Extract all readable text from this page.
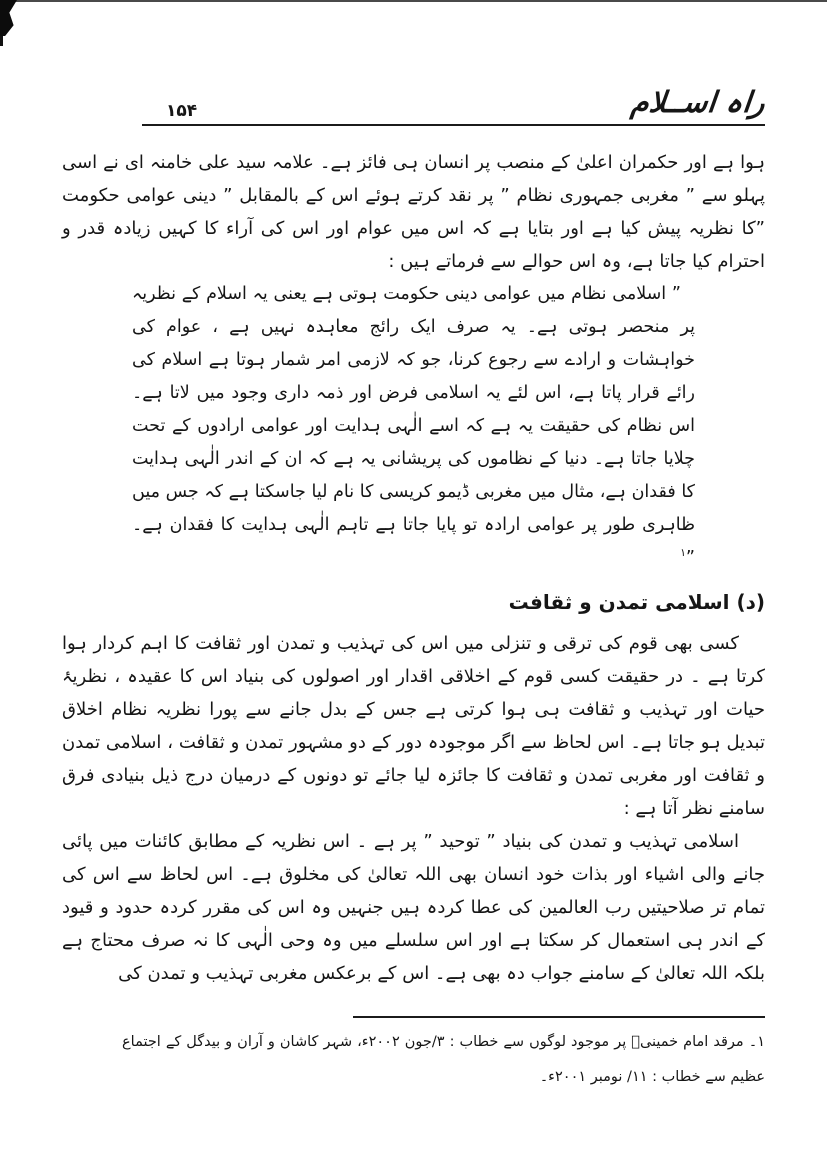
۱۵۴	راہ اســلام

ہوا ہے اور حکمران اعلیٰ کے منصب پر انسان ہی فائز ہے۔ علامہ سید علی خامنہ ای نے اسی پہلو سے ” مغربی جمہوری نظام ” پر نقد کرتے ہوئے اس کے بالمقابل ” دینی عوامی حکومت ”کا نظریہ پیش کیا ہے اور بتایا ہے کہ اس میں عوام اور اس کی آراء کا کہیں زیادہ قدر و احترام کیا جاتا ہے، وہ اس حوالے سے فرماتے ہیں :

” اسلامی نظام میں عوامی دینی حکومت ہوتی ہے یعنی یہ اسلام کے نظریہ پر منحصر ہوتی ہے۔ یہ صرف ایک رائج معاہدہ نہیں ہے ، عوام کی خواہشات و ارادے سے رجوع کرنا، جو کہ لازمی امر شمار ہوتا ہے اسلام کی رائے قرار پاتا ہے، اس لئے یہ اسلامی فرض اور ذمہ داری وجود میں لاتا ہے۔ اس نظام کی حقیقت یہ ہے کہ اسے الٰہی ہدایت اور عوامی ارادوں کے تحت چلایا جاتا ہے۔ دنیا کے نظاموں کی پریشانی یہ ہے کہ ان کے اندر الٰہی ہدایت کا فقدان ہے، مثال میں مغربی ڈیمو کریسی کا نام لیا جاسکتا ہے کہ جس میں ظاہری طور پر عوامی ارادہ تو پایا جاتا ہے تاہم الٰہی ہدایت کا فقدان ہے۔ ”$^۱$
(د) اسلامی تمدن و ثقافت

کسی بھی قوم کی ترقی و تنزلی میں اس کی تہذیب و تمدن اور ثقافت کا اہم کردار ہوا کرتا ہے ۔ در حقیقت کسی قوم کے اخلاقی اقدار اور اصولوں کی بنیاد اس کا عقیدہ ، نظریۂ حیات اور تہذیب و ثقافت ہی ہوا کرتی ہے جس کے بدل جانے سے پورا نظریہ نظام اخلاق تبدیل ہو جاتا ہے۔ اس لحاظ سے اگر موجودہ دور کے دو مشہور تمدن و ثقافت ، اسلامی تمدن و ثقافت اور مغربی تمدن و ثقافت کا جائزہ لیا جائے تو دونوں کے درمیان درج ذیل بنیادی فرق سامنے نظر آتا ہے :

اسلامی تہذیب و تمدن کی بنیاد ” توحید ” پر ہے ۔ اس نظریہ کے مطابق کائنات میں پائی جانے والی اشیاء اور بذات خود انسان بھی اللہ تعالیٰ کی مخلوق ہے۔ اس لحاظ سے اس کی تمام تر صلاحیتیں رب العالمین کی عطا کردہ ہیں جنہیں وہ اس کی مقرر کردہ حدود و قیود کے اندر ہی استعمال کر سکتا ہے اور اس سلسلے میں وہ وحی الٰہی کا نہ صرف محتاج ہے بلکہ اللہ تعالیٰ کے سامنے جواب دہ بھی ہے۔ اس کے برعکس مغربی تہذیب و تمدن کی

۱۔ مرقد امام خمینیؒ پر موجود لوگوں سے خطاب : ۳/جون ۲۰۰۲ء، شہر کاشان و آران و بیدگل کے اجتماع عظیم سے خطاب : ۱۱/ نومبر ۲۰۰۱ء۔
